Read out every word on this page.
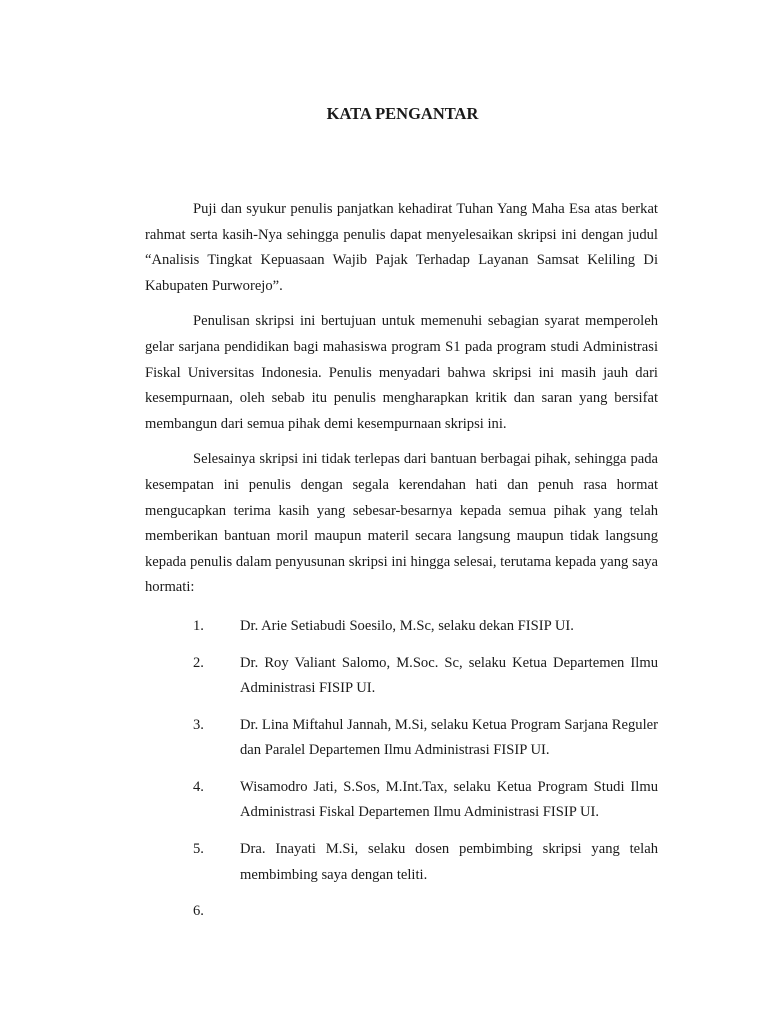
KATA PENGANTAR

Puji dan syukur penulis panjatkan kehadirat Tuhan Yang Maha Esa atas berkat rahmat serta kasih-Nya sehingga penulis dapat menyelesaikan skripsi ini dengan judul “Analisis Tingkat Kepuasaan Wajib Pajak Terhadap Layanan Samsat Keliling Di Kabupaten Purworejo”.

Penulisan skripsi ini bertujuan untuk memenuhi sebagian syarat memperoleh gelar sarjana pendidikan bagi mahasiswa program S1 pada program studi Administrasi Fiskal Universitas Indonesia. Penulis menyadari bahwa skripsi ini masih jauh dari kesempurnaan, oleh sebab itu penulis mengharapkan kritik dan saran yang bersifat membangun dari semua pihak demi kesempurnaan skripsi ini.

Selesainya skripsi ini tidak terlepas dari bantuan berbagai pihak, sehingga pada kesempatan ini penulis dengan segala kerendahan hati dan penuh rasa hormat mengucapkan terima kasih yang sebesar-besarnya kepada semua pihak yang telah memberikan bantuan moril maupun materil secara langsung maupun tidak langsung kepada penulis dalam penyusunan skripsi ini hingga selesai, terutama kepada yang saya hormati:

1. Dr. Arie Setiabudi Soesilo, M.Sc, selaku dekan FISIP UI.
2. Dr. Roy Valiant Salomo, M.Soc. Sc, selaku Ketua Departemen Ilmu Administrasi FISIP UI.
3. Dr. Lina Miftahul Jannah, M.Si, selaku Ketua Program Sarjana Reguler dan Paralel Departemen Ilmu Administrasi FISIP UI.
4. Wisamodro Jati, S.Sos, M.Int.Tax, selaku Ketua Program Studi Ilmu Administrasi Fiskal Departemen Ilmu Administrasi FISIP UI.
5. Dra. Inayati M.Si, selaku dosen pembimbing skripsi yang telah membimbing saya dengan teliti.
6.
